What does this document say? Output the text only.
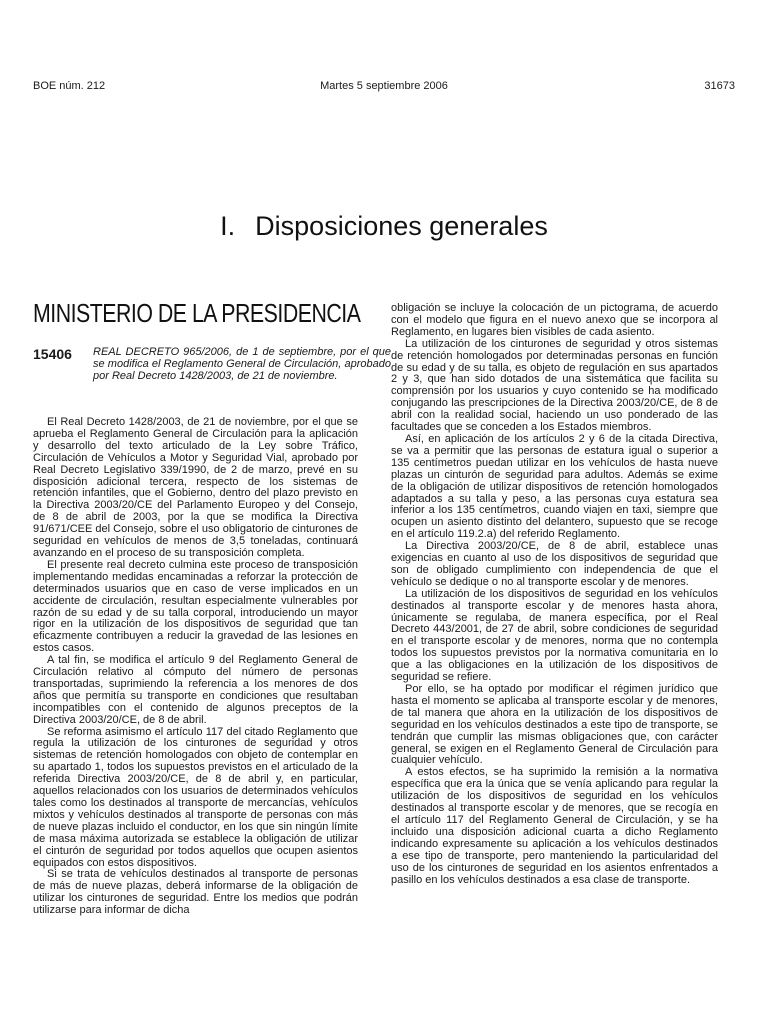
BOE núm. 212	Martes 5 septiembre 2006	31673
I. Disposiciones generales
MINISTERIO DE LA PRESIDENCIA
15406 REAL DECRETO 965/2006, de 1 de septiembre, por el que se modifica el Reglamento General de Circulación, aprobado por Real Decreto 1428/2003, de 21 de noviembre.

El Real Decreto 1428/2003, de 21 de noviembre, por el que se aprueba el Reglamento General de Circulación para la aplicación y desarrollo del texto articulado de la Ley sobre Tráfico, Circulación de Vehículos a Motor y Seguridad Vial, aprobado por Real Decreto Legislativo 339/1990, de 2 de marzo, prevé en su disposición adicional tercera, respecto de los sistemas de retención infantiles, que el Gobierno, dentro del plazo previsto en la Directiva 2003/20/CE del Parlamento Europeo y del Consejo, de 8 de abril de 2003, por la que se modifica la Directiva 91/671/CEE del Consejo, sobre el uso obligatorio de cinturones de seguridad en vehículos de menos de 3,5 toneladas, continuará avanzando en el proceso de su transposición completa.

El presente real decreto culmina este proceso de transposición implementando medidas encaminadas a reforzar la protección de determinados usuarios que en caso de verse implicados en un accidente de circulación, resultan especialmente vulnerables por razón de su edad y de su talla corporal, introduciendo un mayor rigor en la utilización de los dispositivos de seguridad que tan eficazmente contribuyen a reducir la gravedad de las lesiones en estos casos.

A tal fin, se modifica el artículo 9 del Reglamento General de Circulación relativo al cómputo del número de personas transportadas, suprimiendo la referencia a los menores de dos años que permitía su transporte en condiciones que resultaban incompatibles con el contenido de algunos preceptos de la Directiva 2003/20/CE, de 8 de abril.

Se reforma asimismo el artículo 117 del citado Reglamento que regula la utilización de los cinturones de seguridad y otros sistemas de retención homologados con objeto de contemplar en su apartado 1, todos los supuestos previstos en el articulado de la referida Directiva 2003/20/CE, de 8 de abril y, en particular, aquellos relacionados con los usuarios de determinados vehículos tales como los destinados al transporte de mercancías, vehículos mixtos y vehículos destinados al transporte de personas con más de nueve plazas incluido el conductor, en los que sin ningún límite de masa máxima autorizada se establece la obligación de utilizar el cinturón de seguridad por todos aquellos que ocupen asientos equipados con estos dispositivos.

Si se trata de vehículos destinados al transporte de personas de más de nueve plazas, deberá informarse de la obligación de utilizar los cinturones de seguridad. Entre los medios que podrán utilizarse para informar de dicha

obligación se incluye la colocación de un pictograma, de acuerdo con el modelo que figura en el nuevo anexo que se incorpora al Reglamento, en lugares bien visibles de cada asiento.

La utilización de los cinturones de seguridad y otros sistemas de retención homologados por determinadas personas en función de su edad y de su talla, es objeto de regulación en sus apartados 2 y 3, que han sido dotados de una sistemática que facilita su comprensión por los usuarios y cuyo contenido se ha modificado conjugando las prescripciones de la Directiva 2003/20/CE, de 8 de abril con la realidad social, haciendo un uso ponderado de las facultades que se conceden a los Estados miembros.

Así, en aplicación de los artículos 2 y 6 de la citada Directiva, se va a permitir que las personas de estatura igual o superior a 135 centímetros puedan utilizar en los vehículos de hasta nueve plazas un cinturón de seguridad para adultos. Además se exime de la obligación de utilizar dispositivos de retención homologados adaptados a su talla y peso, a las personas cuya estatura sea inferior a los 135 centímetros, cuando viajen en taxi, siempre que ocupen un asiento distinto del delantero, supuesto que se recoge en el artículo 119.2.a) del referido Reglamento.

La Directiva 2003/20/CE, de 8 de abril, establece unas exigencias en cuanto al uso de los dispositivos de seguridad que son de obligado cumplimiento con independencia de que el vehículo se dedique o no al transporte escolar y de menores.

La utilización de los dispositivos de seguridad en los vehículos destinados al transporte escolar y de menores hasta ahora, únicamente se regulaba, de manera específica, por el Real Decreto 443/2001, de 27 de abril, sobre condiciones de seguridad en el transporte escolar y de menores, norma que no contempla todos los supuestos previstos por la normativa comunitaria en lo que a las obligaciones en la utilización de los dispositivos de seguridad se refiere.

Por ello, se ha optado por modificar el régimen jurídico que hasta el momento se aplicaba al transporte escolar y de menores, de tal manera que ahora en la utilización de los dispositivos de seguridad en los vehículos destinados a este tipo de transporte, se tendrán que cumplir las mismas obligaciones que, con carácter general, se exigen en el Reglamento General de Circulación para cualquier vehículo.

A estos efectos, se ha suprimido la remisión a la normativa específica que era la única que se venía aplicando para regular la utilización de los dispositivos de seguridad en los vehículos destinados al transporte escolar y de menores, que se recogía en el artículo 117 del Reglamento General de Circulación, y se ha incluido una disposición adicional cuarta a dicho Reglamento indicando expresamente su aplicación a los vehículos destinados a ese tipo de transporte, pero manteniendo la particularidad del uso de los cinturones de seguridad en los asientos enfrentados a pasillo en los vehículos destinados a esa clase de transporte.
